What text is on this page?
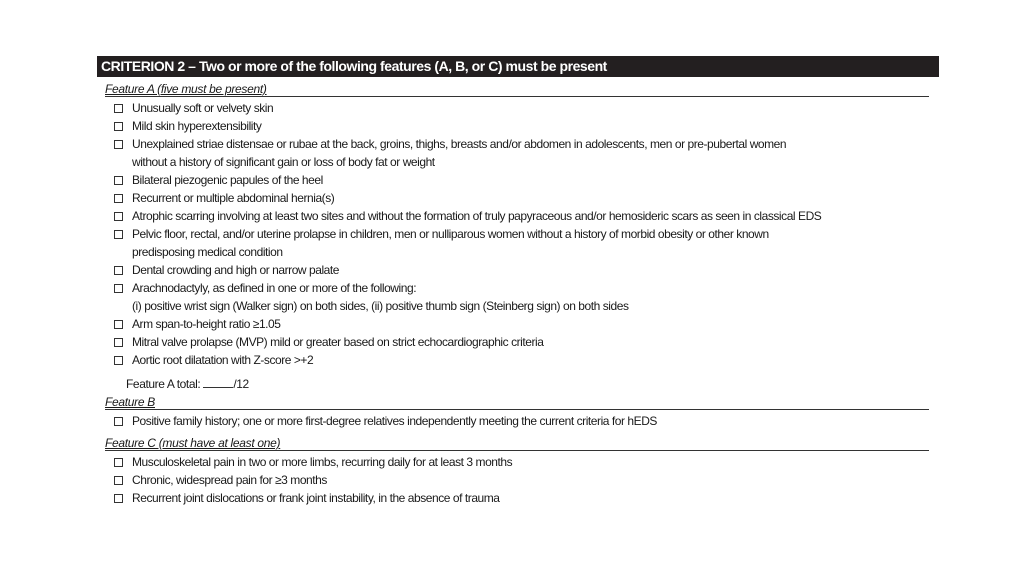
CRITERION 2 – Two or more of the following features (A, B, or C) must be present
Feature A (five must be present)
Unusually soft or velvety skin
Mild skin hyperextensibility
Unexplained striae distensae or rubae at the back, groins, thighs, breasts and/or abdomen in adolescents, men or pre-pubertal women
without a history of significant gain or loss of body fat or weight
Bilateral piezogenic papules of the heel
Recurrent or multiple abdominal hernia(s)
Atrophic scarring involving at least two sites and without the formation of truly papyraceous and/or hemosideric scars as seen in classical EDS
Pelvic floor, rectal, and/or uterine prolapse in children, men or nulliparous women without a history of morbid obesity or other known
predisposing medical condition
Dental crowding and high or narrow palate
Arachnodactyly, as defined in one or more of the following:
(i) positive wrist sign (Walker sign) on both sides, (ii) positive thumb sign (Steinberg sign) on both sides
Arm span-to-height ratio ≥1.05
Mitral valve prolapse (MVP) mild or greater based on strict echocardiographic criteria
Aortic root dilatation with Z-score >+2
Feature A total:	/12
Feature B
Positive family history; one or more first-degree relatives independently meeting the current criteria for hEDS
Feature C (must have at least one)
Musculoskeletal pain in two or more limbs, recurring daily for at least 3 months
Chronic, widespread pain for ≥3 months
Recurrent joint dislocations or frank joint instability, in the absence of trauma
